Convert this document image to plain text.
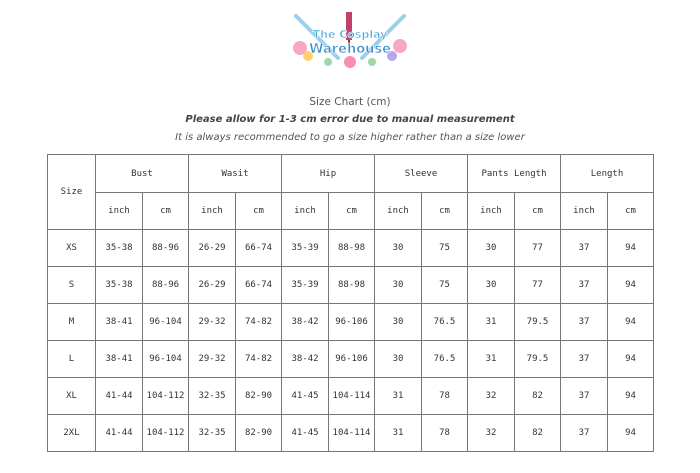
The Cosplay
Warehouse
Size Chart (cm)
Please allow for 1-3 cm error due to manual measurement
It is always recommended to go a size higher rather than a size lower
Size	Bust		Wasit		Hip		Sleeve		Pants Length		Length	
	inch	cm	inch	cm	inch	cm	inch	cm	inch	cm	inch	cm
XS	35-38	88-96	26-29	66-74	35-39	88-98	30	75	30	77	37	94
S	35-38	88-96	26-29	66-74	35-39	88-98	30	75	30	77	37	94
M	38-41	96-104	29-32	74-82	38-42	96-106	30	76.5	31	79.5	37	94
L	38-41	96-104	29-32	74-82	38-42	96-106	30	76.5	31	79.5	37	94
XL	41-44	104-112	32-35	82-90	41-45	104-114	31	78	32	82	37	94
2XL	41-44	104-112	32-35	82-90	41-45	104-114	31	78	32	82	37	94
